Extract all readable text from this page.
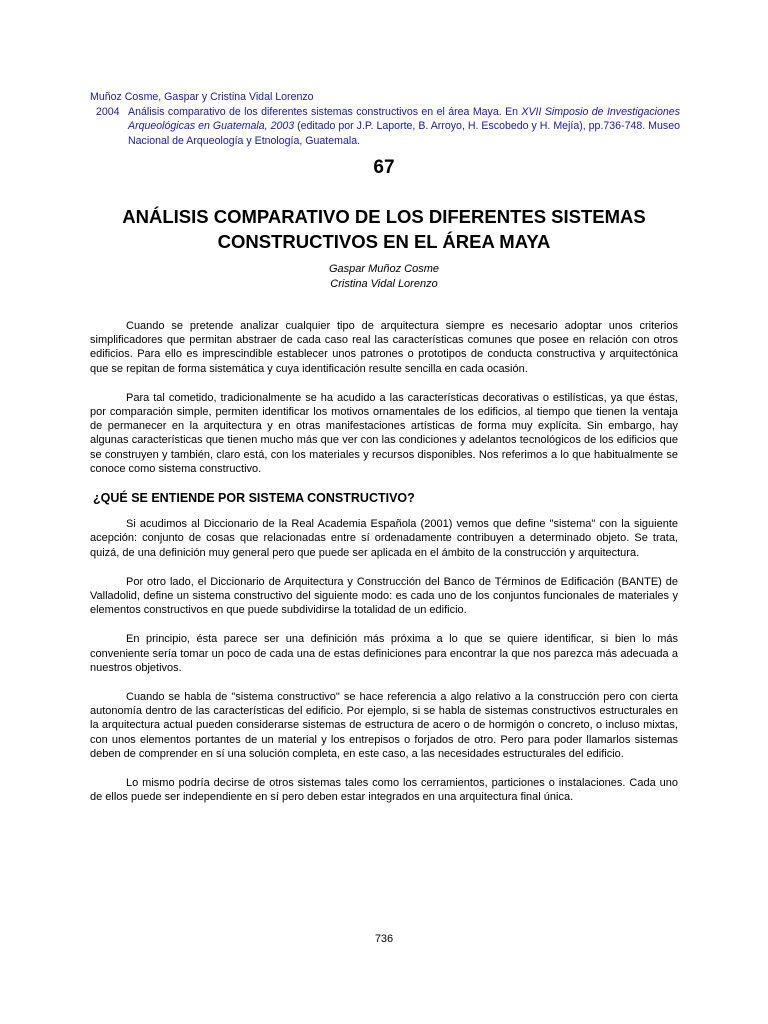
Muñoz Cosme, Gaspar y Cristina Vidal Lorenzo
2004 Análisis comparativo de los diferentes sistemas constructivos en el área Maya. En XVII Simposio de Investigaciones Arqueológicas en Guatemala, 2003 (editado por J.P. Laporte, B. Arroyo, H. Escobedo y H. Mejía), pp.736-748. Museo Nacional de Arqueología y Etnología, Guatemala.
67
ANÁLISIS COMPARATIVO DE LOS DIFERENTES SISTEMAS
CONSTRUCTIVOS EN EL ÁREA MAYA
Gaspar Muñoz Cosme
Cristina Vidal Lorenzo

Cuando se pretende analizar cualquier tipo de arquitectura siempre es necesario adoptar unos criterios simplificadores que permitan abstraer de cada caso real las características comunes que posee en relación con otros edificios. Para ello es imprescindible establecer unos patrones o prototipos de conducta constructiva y arquitectónica que se repitan de forma sistemática y cuya identificación resulte sencilla en cada ocasión.

Para tal cometido, tradicionalmente se ha acudido a las características decorativas o estilísticas, ya que éstas, por comparación simple, permiten identificar los motivos ornamentales de los edificios, al tiempo que tienen la ventaja de permanecer en la arquitectura y en otras manifestaciones artísticas de forma muy explícita. Sin embargo, hay algunas características que tienen mucho más que ver con las condiciones y adelantos tecnológicos de los edificios que se construyen y también, claro está, con los materiales y recursos disponibles. Nos referimos a lo que habitualmente se conoce como sistema constructivo.

¿QUÉ SE ENTIENDE POR SISTEMA CONSTRUCTIVO?

Si acudimos al Diccionario de la Real Academia Española (2001) vemos que define "sistema" con la siguiente acepción: conjunto de cosas que relacionadas entre sí ordenadamente contribuyen a determinado objeto. Se trata, quizá, de una definición muy general pero que puede ser aplicada en el ámbito de la construcción y arquitectura.

Por otro lado, el Diccionario de Arquitectura y Construcción del Banco de Términos de Edificación (BANTE) de Valladolid, define un sistema constructivo del siguiente modo: es cada uno de los conjuntos funcionales de materiales y elementos constructivos en que puede subdividirse la totalidad de un edificio.

En principio, ésta parece ser una definición más próxima a lo que se quiere identificar, si bien lo más conveniente sería tomar un poco de cada una de estas definiciones para encontrar la que nos parezca más adecuada a nuestros objetivos.

Cuando se habla de "sistema constructivo" se hace referencia a algo relativo a la construcción pero con cierta autonomía dentro de las características del edificio. Por ejemplo, si se habla de sistemas constructivos estructurales en la arquitectura actual pueden considerarse sistemas de estructura de acero o de hormigón o concreto, o incluso mixtas, con unos elementos portantes de un material y los entrepisos o forjados de otro. Pero para poder llamarlos sistemas deben de comprender en sí una solución completa, en este caso, a las necesidades estructurales del edificio.

Lo mismo podría decirse de otros sistemas tales como los cerramientos, particiones o instalaciones. Cada uno de ellos puede ser independiente en sí pero deben estar integrados en una arquitectura final única.

736
